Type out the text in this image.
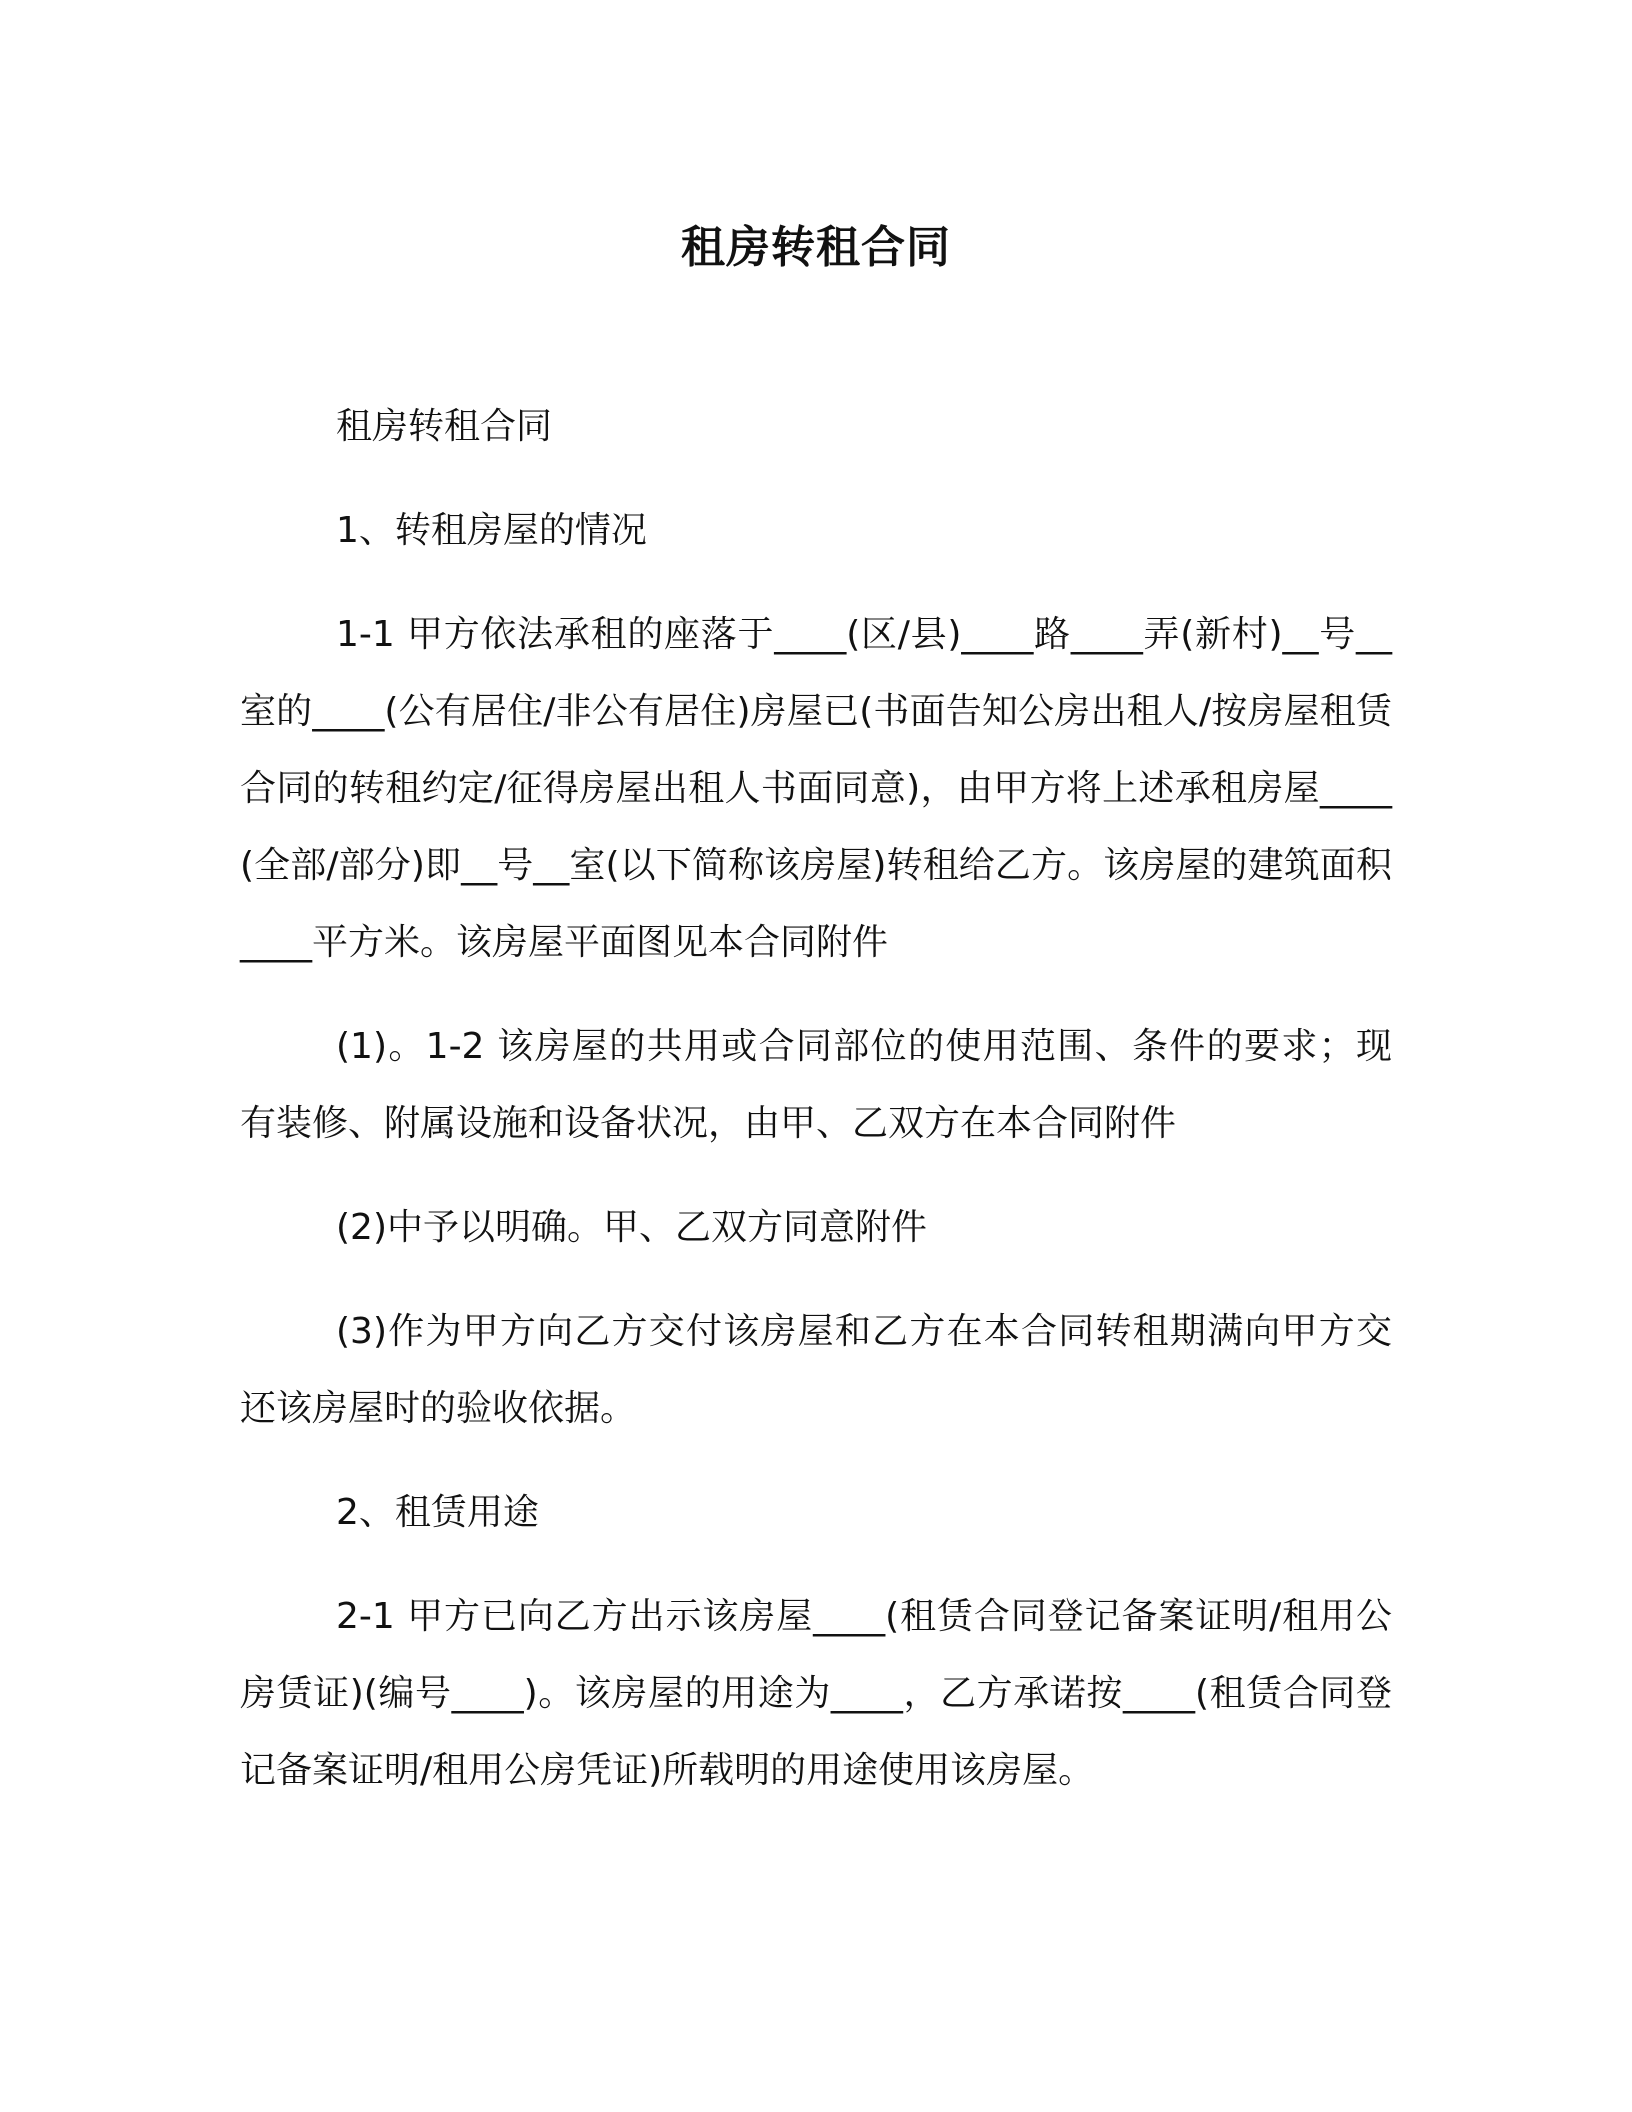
租房转租合同

租房转租合同

1、转租房屋的情况

1-1 甲方依法承租的座落于____(区/县)____路____弄(新村)__号__室的____(公有居住/非公有居住)房屋已(书面告知公房出租人/按房屋租赁合同的转租约定/征得房屋出租人书面同意)，由甲方将上述承租房屋____(全部/部分)即__号__室(以下简称该房屋)转租给乙方。该房屋的建筑面积____平方米。该房屋平面图见本合同附件

(1)。1-2 该房屋的共用或合同部位的使用范围、条件的要求；现有装修、附属设施和设备状况，由甲、乙双方在本合同附件

(2)中予以明确。甲、乙双方同意附件

(3)作为甲方向乙方交付该房屋和乙方在本合同转租期满向甲方交还该房屋时的验收依据。

2、租赁用途

2-1 甲方已向乙方出示该房屋____(租赁合同登记备案证明/租用公房赁证)(编号____)。该房屋的用途为____，乙方承诺按____(租赁合同登记备案证明/租用公房凭证)所载明的用途使用该房屋。
